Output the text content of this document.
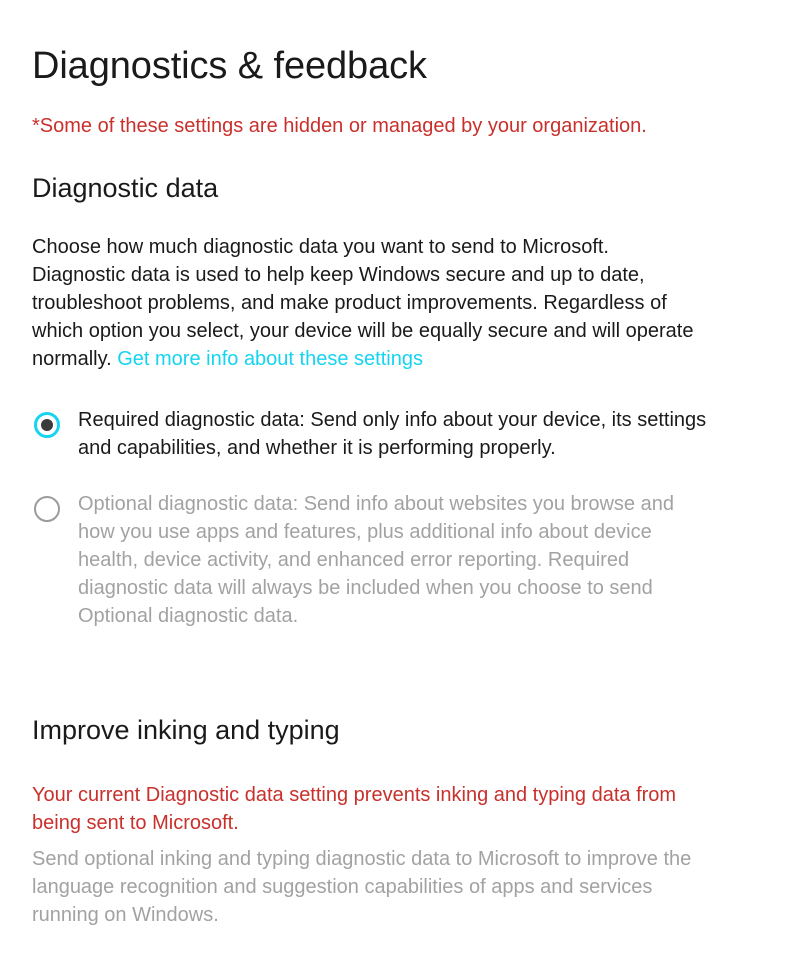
Diagnostics & feedback

*Some of these settings are hidden or managed by your organization.

Diagnostic data

Choose how much diagnostic data you want to send to Microsoft. Diagnostic data is used to help keep Windows secure and up to date, troubleshoot problems, and make product improvements. Regardless of which option you select, your device will be equally secure and will operate normally. Get more info about these settings

Required diagnostic data: Send only info about your device, its settings and capabilities, and whether it is performing properly.
Optional diagnostic data: Send info about websites you browse and how you use apps and features, plus additional info about device health, device activity, and enhanced error reporting. Required diagnostic data will always be included when you choose to send Optional diagnostic data.
Improve inking and typing

Your current Diagnostic data setting prevents inking and typing data from being sent to Microsoft.

Send optional inking and typing diagnostic data to Microsoft to improve the language recognition and suggestion capabilities of apps and services running on Windows.
